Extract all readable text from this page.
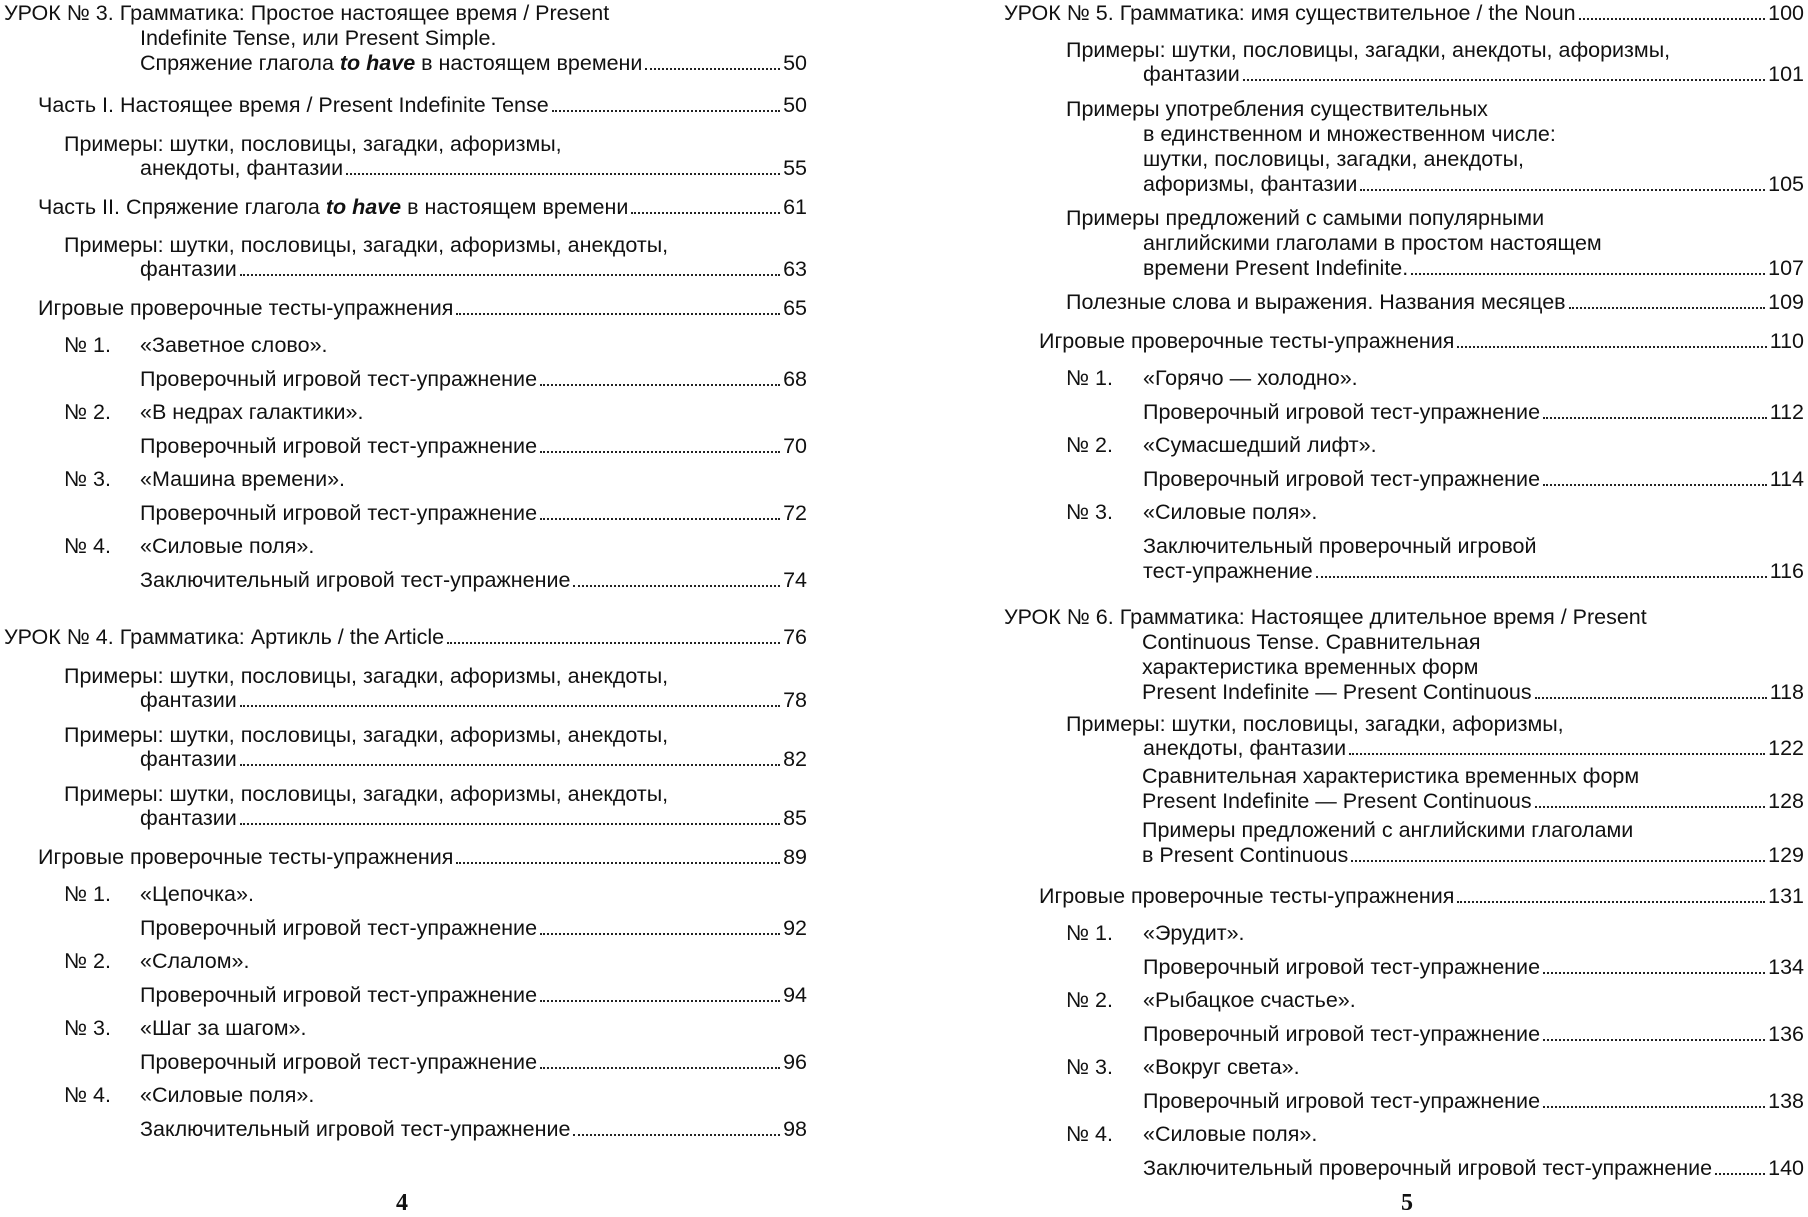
УРОК № 3. Грамматика: Простое настоящее время / Present
Indefinite Tense, или Present Simple.
Спряжение глагола to have в настоящем времени	50
Часть I. Настоящее время / Present Indefinite Tense	50
Примеры: шутки, пословицы, загадки, афоризмы,
анекдоты, фантазии	55
Часть II. Спряжение глагола to have в настоящем времени	61
Примеры: шутки, пословицы, загадки, афоризмы, анекдоты,
фантазии	63
Игровые проверочные тесты-упражнения	65
№ 1. «Заветное слово».
Проверочный игровой тест-упражнение	68
№ 2. «В недрах галактики».
Проверочный игровой тест-упражнение	70
№ 3. «Машина времени».
Проверочный игровой тест-упражнение	72
№ 4. «Силовые поля».
Заключительный игровой тест-упражнение	74
УРОК № 4. Грамматика: Артикль / the Article	76
Примеры: шутки, пословицы, загадки, афоризмы, анекдоты,
фантазии	78
Примеры: шутки, пословицы, загадки, афоризмы, анекдоты,
фантазии	82
Примеры: шутки, пословицы, загадки, афоризмы, анекдоты,
фантазии	85
Игровые проверочные тесты-упражнения	89
№ 1. «Цепочка».
Проверочный игровой тест-упражнение	92
№ 2. «Слалом».
Проверочный игровой тест-упражнение	94
№ 3. «Шаг за шагом».
Проверочный игровой тест-упражнение	96
№ 4. «Силовые поля».
Заключительный игровой тест-упражнение	98
4
УРОК № 5. Грамматика: имя существительное / the Noun	100
Примеры: шутки, пословицы, загадки, анекдоты, афоризмы,
фантазии	101
Примеры употребления существительных
в единственном и множественном числе:
шутки, пословицы, загадки, анекдоты,
афоризмы, фантазии	105
Примеры предложений с самыми популярными
английскими глаголами в простом настоящем
времени Present Indefinite.	107
Полезные слова и выражения. Названия месяцев	109
Игровые проверочные тесты-упражнения	110
№ 1. «Горячо — холодно».
Проверочный игровой тест-упражнение	112
№ 2. «Сумасшедший лифт».
Проверочный игровой тест-упражнение	114
№ 3. «Силовые поля».
Заключительный проверочный игровой
тест-упражнение	116
УРОК № 6. Грамматика: Настоящее длительное время / Present
Continuous Tense. Сравнительная
характеристика временных форм
Present Indefinite — Present Continuous	118
Примеры: шутки, пословицы, загадки, афоризмы,
анекдоты, фантазии	122
Сравнительная характеристика временных форм
Present Indefinite — Present Continuous	128
Примеры предложений с английскими глаголами
в Present Continuous	129
Игровые проверочные тесты-упражнения	131
№ 1. «Эрудит».
Проверочный игровой тест-упражнение	134
№ 2. «Рыбацкое счастье».
Проверочный игровой тест-упражнение	136
№ 3. «Вокруг света».
Проверочный игровой тест-упражнение	138
№ 4. «Силовые поля».
Заключительный проверочный игровой тест-упражнение	140
5
